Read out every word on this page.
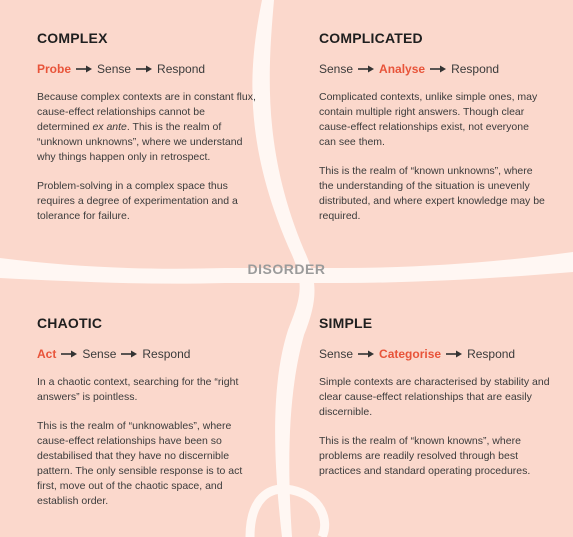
COMPLEX
Probe Sense Respond

Because complex contexts are in constant flux, cause-effect relationships cannot be determined ex ante. This is the realm of “unknown unknowns”, where we understand why things happen only in retrospect.

Problem-solving in a complex space thus requires a degree of experimentation and a tolerance for failure.

COMPLICATED
Sense Analyse Respond

Complicated contexts, unlike simple ones, may contain multiple right answers. Though clear cause-effect relationships exist, not everyone can see them.

This is the realm of “known unknowns”, where the understanding of the situation is unevenly distributed, and where expert knowledge may be required.

DISORDER
CHAOTIC
Act Sense Respond

In a chaotic context, searching for the “right answers” is pointless.

This is the realm of “unknowables”, where cause-effect relationships have been so destabilised that they have no discernible pattern. The only sensible response is to act first, move out of the chaotic space, and establish order.

SIMPLE
Sense Categorise Respond

Simple contexts are characterised by stability and clear cause-effect relationships that are easily discernible.

This is the realm of “known knowns”, where problems are readily resolved through best practices and standard operating procedures.
